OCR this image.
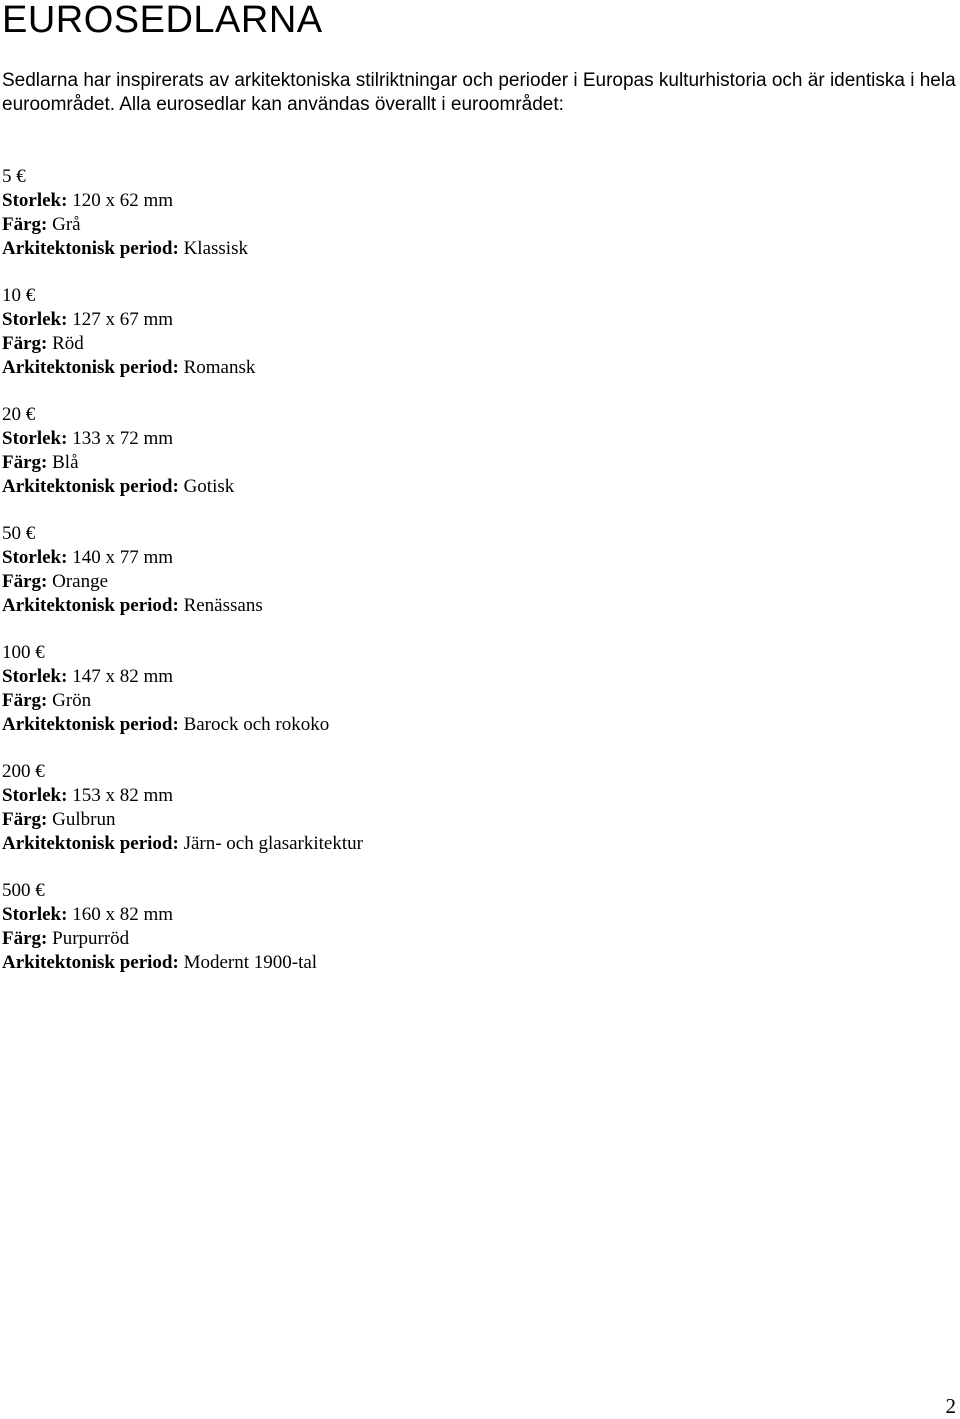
EUROSEDLARNA

Sedlarna har inspirerats av arkitektoniska stilriktningar och perioder i Europas kulturhistoria och är identiska i hela euroområdet. Alla eurosedlar kan användas överallt i euroområdet:

5 €
Storlek: 120 x 62 mm
Färg: Grå
Arkitektonisk period: Klassisk
10 €
Storlek: 127 x 67 mm
Färg: Röd
Arkitektonisk period: Romansk
20 €
Storlek: 133 x 72 mm
Färg: Blå
Arkitektonisk period: Gotisk
50 €
Storlek: 140 x 77 mm
Färg: Orange
Arkitektonisk period: Renässans
100 €
Storlek: 147 x 82 mm
Färg: Grön
Arkitektonisk period: Barock och rokoko
200 €
Storlek: 153 x 82 mm
Färg: Gulbrun
Arkitektonisk period: Järn- och glasarkitektur
500 €
Storlek: 160 x 82 mm
Färg: Purpurröd
Arkitektonisk period: Modernt 1900-tal
2
